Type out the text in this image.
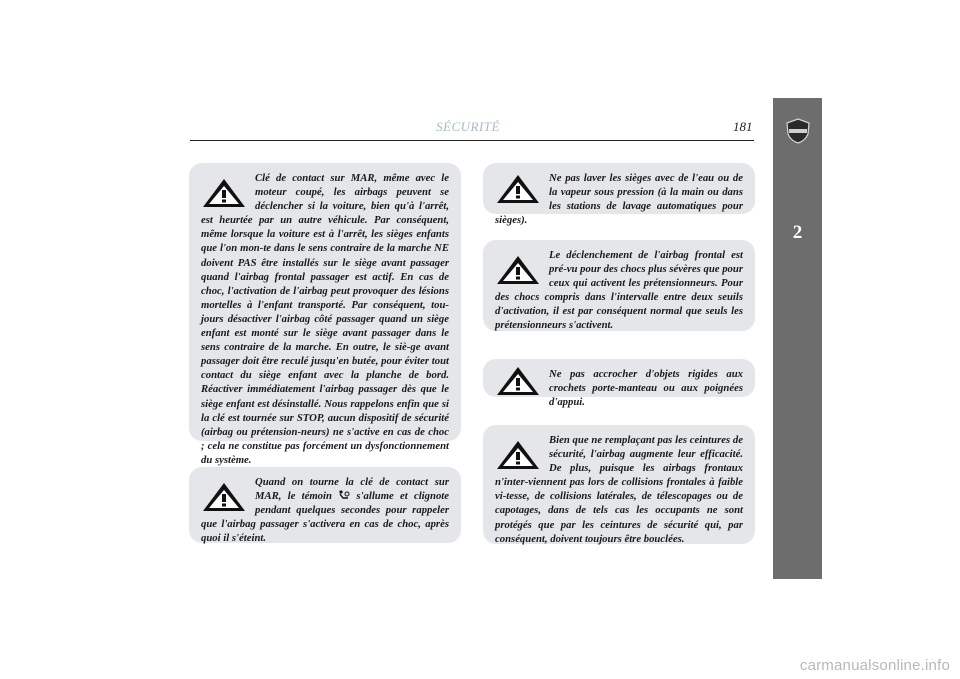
SÉCURITÉ	181
2
Clé de contact sur MAR, même avec le moteur coupé, les airbags peuvent se déclencher si la voiture, bien qu'à l'arrêt, est heurtée par un autre véhicule. Par conséquent, même lorsque la voiture est à l'arrêt, les sièges enfants que l'on mon-te dans le sens contraire de la marche NE doivent PAS être installés sur le siège avant passager quand l'airbag frontal passager est actif. En cas de choc, l'activation de l'airbag peut provoquer des lésions mortelles à l'enfant transporté. Par conséquent, tou-jours désactiver l'airbag côté passager quand un siège enfant est monté sur le siège avant passager dans le sens contraire de la marche. En outre, le siè-ge avant passager doit être reculé jusqu'en butée, pour éviter tout contact du siège enfant avec la planche de bord. Réactiver immédiatement l'airbag passager dès que le siège enfant est désinstallé. Nous rappelons enfin que si la clé est tournée sur STOP, aucun dispositif de sécurité (airbag ou prétension-neurs) ne s'active en cas de choc ; cela ne constitue pas forcément un dysfonctionnement du système.
Quand on tourne la clé de contact sur MAR, le témoin s'allume et clignote pendant quelques secondes pour rappeler que l'airbag passager s'activera en cas de choc, après quoi il s'éteint.
Ne pas laver les sièges avec de l'eau ou de la vapeur sous pression (à la main ou dans les stations de lavage automatiques pour sièges).
Le déclenchement de l'airbag frontal est pré-vu pour des chocs plus sévères que pour ceux qui activent les prétensionneurs. Pour des chocs compris dans l'intervalle entre deux seuils d'activation, il est par conséquent normal que seuls les prétensionneurs s'activent.
Ne pas accrocher d'objets rigides aux crochets porte-manteau ou aux poignées d'appui.
Bien que ne remplaçant pas les ceintures de sécurité, l'airbag augmente leur efficacité. De plus, puisque les airbags frontaux n'inter-viennent pas lors de collisions frontales à faible vi-tesse, de collisions latérales, de télescopages ou de capotages, dans de tels cas les occupants ne sont protégés que par les ceintures de sécurité qui, par conséquent, doivent toujours être bouclées.
carmanualsonline.info
